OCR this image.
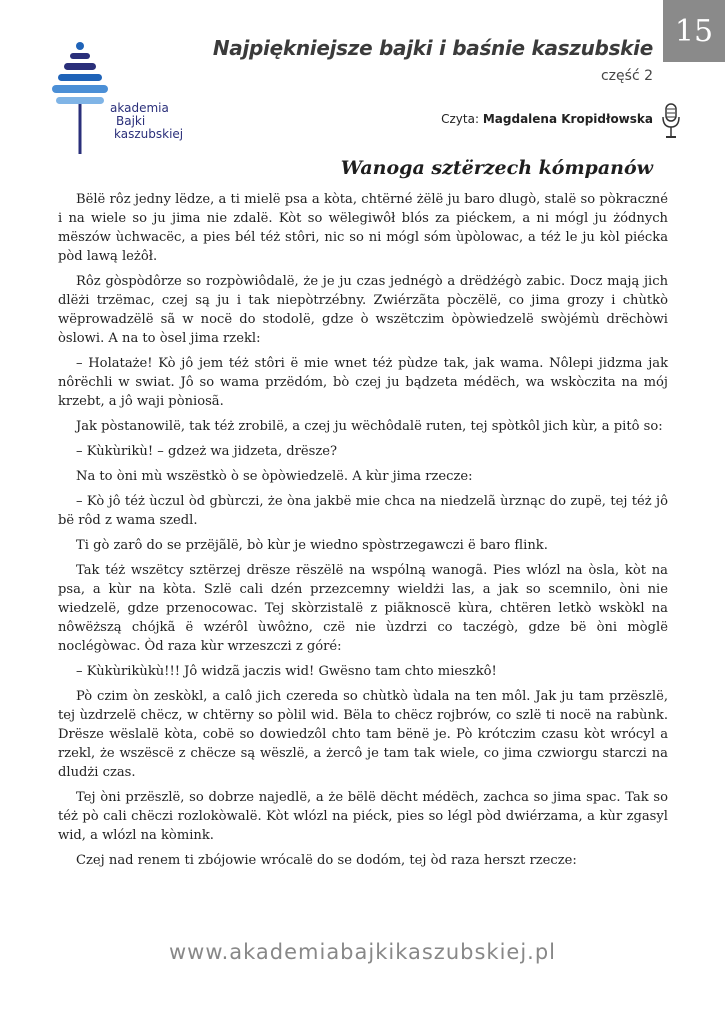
15
akademia
Bajki
kaszubskiej
Najpiękniejsze bajki i baśnie kaszubskie
część 2
Czyta: Magdalena Kropidłowska
Wanoga sztërzech kómpanów

Bëlë rôz jedny lëdze, a ti mielë psa a kòta, chtërné żëlë ju baro dlugò, stalë so pòkraczné i na wiele so ju jima nie zdalë. Kòt so wëlegiwôł blós za piéckem, a ni mógl ju żódnych mëszów ùchwacëc, a pies bél téż stôri, nic so ni mógl sóm ùpòlowac, a téż le ju kòl piécka pòd lawą leżôł.

Rôz gòspòdôrze so rozpòwiôdalë, że je ju czas jednégò a drëdżégò zabic. Docz mają jich dlëżi trzëmac, czej są ju i tak niepòtrzébny. Zwiérzãta pòczëlë, co jima grozy i chùtkò wëprowadzëlë sã w nocë do stodolë, gdze ò wszëtczim òpòwiedzelë swòjémù drëchòwi òslowi. A na to òsel jima rzekl:

– Holataże! Kò jô jem téż stôri ë mie wnet téż pùdze tak, jak wama. Nôlepi jidzma jak nôrëchli w swiat. Jô so wama przëdóm, bò czej ju bądzeta médëch, wa wskòczita na mój krzebt, a jô waji pòniosã.

Jak pòstanowilë, tak téż zrobilë, a czej ju wëchôdalë ruten, tej spòtkôl jich kùr, a pitô so:

– Kùkùrikù! – gdzeż wa jidzeta, drësze?

Na to òni mù wszëstkò ò se òpòwiedzelë. A kùr jima rzecze:

– Kò jô téż ùczul òd gbùrczi, że òna jakbë mie chca na niedzelã ùrznąc do zupë, tej téż jô bë rôd z wama szedl.

Ti gò zarô do se przëjãlë, bò kùr je wiedno spòstrzegawczi ë baro flink.

Tak téż wszëtcy sztërzej drësze rëszëlë na wspólną wanogã. Pies wlózl na òsla, kòt na psa, a kùr na kòta. Szlë cali dzén przezcemny wieldżi las, a jak so scemnilo, òni nie wiedzelë, gdze przenocowac. Tej skòrzistalë z piãknoscë kùra, chtëren letkò wskòkl na nôwëższą chójkã ë wzérôl ùwôżno, czë nie ùzdrzi co taczégò, gdze bë òni mòglë noclégòwac. Òd raza kùr wrzeszczi z góré:

– Kùkùrikùkù!!! Jô widzã jaczis wid! Gwësno tam chto mieszkô!

Pò czim òn zeskòkl, a calô jich czereda so chùtkò ùdala na ten môl. Jak ju tam przëszlë, tej ùzdrzelë chëcz, w chtërny so pòlil wid. Bëla to chëcz rojbrów, co szlë ti nocë na rabùnk. Drësze wëslalë kòta, cobë so dowiedzôl chto tam bënë je. Pò krótczim czasu kòt wrócyl a rzekl, że wszëscë z chëcze są wëszlë, a żercô je tam tak wiele, co jima czwiorgu starczi na dludżi czas.

Tej òni przëszlë, so dobrze najedlë, a że bëlë dëcht médëch, zachca so jima spac. Tak so téż pò cali chëczi rozlokòwalë. Kòt wlózl na piéck, pies so légl pòd dwiérzama, a kùr zgasyl wid, a wlózl na kòmink.

Czej nad renem ti zbójowie wrócalë do se dodóm, tej òd raza herszt rzecze:

www.akademiabajkikaszubskiej.pl
